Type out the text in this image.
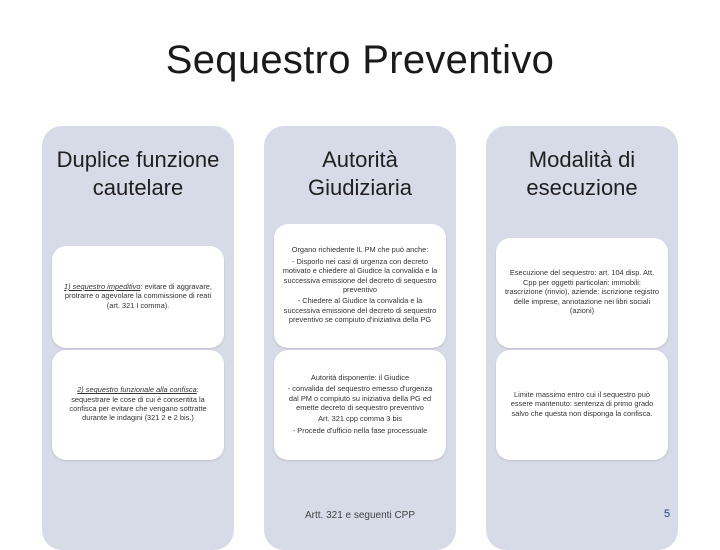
Sequestro Preventivo
Duplice funzione cautelare

1) sequestro impeditivo: evitare di aggravare, protrarre o agevolare la commissione di reati (art. 321 I comma).

2) sequestro funzionale alla confisca: sequestrare le cose di cui è consentita la confisca per evitare che vengano sottratte durante le indagini (321 2 e 2 bis.)

Autorità Giudiziaria

Organo richiedente IL PM che può anche:

- Disporlo nei casi di urgenza con decreto motivato e chiedere al Giudice la convalida e la successiva emissione del decreto di sequestro preventivo

- Chiedere al Giudice la convalida e la successiva emissione del decreto di sequestro preventivo se compiuto d'iniziativa della PG

Autorità disponente: il Giudice

- convalida del sequestro emesso d'urgenza dal PM o compiuto su iniziativa della PG ed emette decreto di sequestro preventivo

Art. 321 cpp comma 3 bis

- Procede d'ufficio nella fase processuale

Modalità di esecuzione

Esecuzione del sequestro: art. 104 disp. Att. Cpp per oggetti particolari: immobili: trascrizione (rinvio), aziende: iscrizione registro delle imprese, annotazione nei libri sociali (azioni)

Limite massimo entro cui il sequestro può essere mantenuto: sentenza di primo grado salvo che questa non disponga la confisca.

Artt. 321 e seguenti CPP	5
